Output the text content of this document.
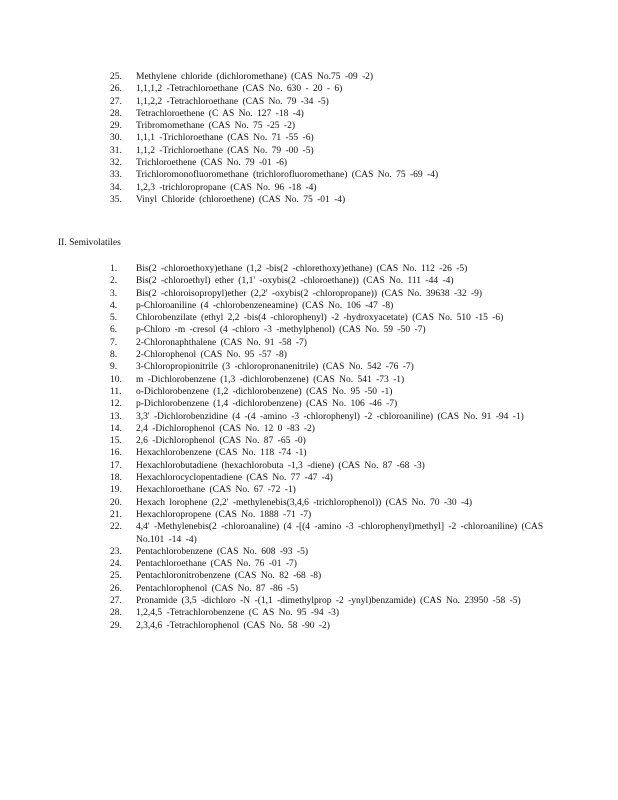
25.	Methylene chloride (dichloromethane) (CAS No.75 -09 -2)
26.	1,1,1,2 -Tetrachloroethane (CAS No. 630 - 20 - 6)
27.	1,1,2,2 -Tetrachloroethane (CAS No. 79 -34 -5)
28.	Tetrachloroethene (C AS No. 127 -18 -4)
29.	Tribromomethane (CAS No. 75 -25 -2)
30.	1,1,1 -Trichloroethane (CAS No. 71 -55 -6)
31.	1,1,2 -Trichloroethane (CAS No. 79 -00 -5)
32.	Trichloroethene (CAS No. 79 -01 -6)
33.	Trichloromonofluoromethane (trichlorofluoromethane) (CAS No. 75 -69 -4)
34.	1,2,3 -trichloropropane (CAS No. 96 -18 -4)
35.	Vinyl Chloride (chloroethene) (CAS No. 75 -01 -4)
II. Semivolatiles
1.	Bis(2 -chloroethoxy)ethane (1,2 -bis(2 -chlorethoxy)ethane) (CAS No. 112 -26 -5)
2.	Bis(2 -chloroethyl) ether (1,1' -oxybis(2 -chloroethane)) (CAS No. 111 -44 -4)
3.	Bis(2 -chloroisopropyl)ether (2,2' -oxybis(2 -chloropropane)) (CAS No. 39638 -32 -9)
4.	p-Chloroaniline (4 -chlorobenzeneamine) (CAS No. 106 -47 -8)
5.	Chlorobenzilate (ethyl 2,2 -bis(4 -chlorophenyl) -2 -hydroxyacetate) (CAS No. 510 -15 -6)
6.	p-Chloro -m -cresol (4 -chloro -3 -methylphenol) (CAS No. 59 -50 -7)
7.	2-Chloronaphthalene (CAS No. 91 -58 -7)
8.	2-Chlorophenol (CAS No. 95 -57 -8)
9.	3-Chloropropionitrile (3 -chloropronanenitrile) (CAS No. 542 -76 -7)
10.	m -Dichlorobenzene (1,3 -dichlorobenzene) (CAS No. 541 -73 -1)
11.	o-Dichlorobenzene (1,2 -dichlorobenzene) (CAS No. 95 -50 -1)
12.	p-Dichlorobenzene (1,4 -dichlorobenzene) (CAS No. 106 -46 -7)
13.	3,3' -Dichlorobenzidine (4 -(4 -amino -3 -chlorophenyl) -2 -chloroaniline) (CAS No. 91 -94 -1)
14.	2,4 -Dichlorophenol (CAS No. 12 0 -83 -2)
15.	2,6 -Dichlorophenol (CAS No. 87 -65 -0)
16.	Hexachlorobenzene (CAS No. 118 -74 -1)
17.	Hexachlorobutadiene (hexachlorobuta -1,3 -diene) (CAS No. 87 -68 -3)
18.	Hexachlorocyclopentadiene (CAS No. 77 -47 -4)
19.	Hexachloroethane (CAS No. 67 -72 -1)
20.	Hexach lorophene (2,2' -methylenebis(3,4,6 -trichlorophenol)) (CAS No. 70 -30 -4)
21.	Hexachloropropene (CAS No. 1888 -71 -7)
22.	4,4' -Methylenebis(2 -chloroanaline) (4 -[(4 -amino -3 -chlorophenyl)methyl] -2 -chloroaniline) (CAS No.101 -14 -4)
23.	Pentachlorobenzene (CAS No. 608 -93 -5)
24.	Pentachloroethane (CAS No. 76 -01 -7)
25.	Pentachloronitrobenzene (CAS No. 82 -68 -8)
26.	Pentachlorophenol (CAS No. 87 -86 -5)
27.	Pronamide (3,5 -dichloro -N -(1,1 -dimethylprop -2 -ynyl)benzamide) (CAS No. 23950 -58 -5)
28.	1,2,4,5 -Tetrachlorobenzene (C AS No. 95 -94 -3)
29.	2,3,4,6 -Tetrachlorophenol (CAS No. 58 -90 -2)
